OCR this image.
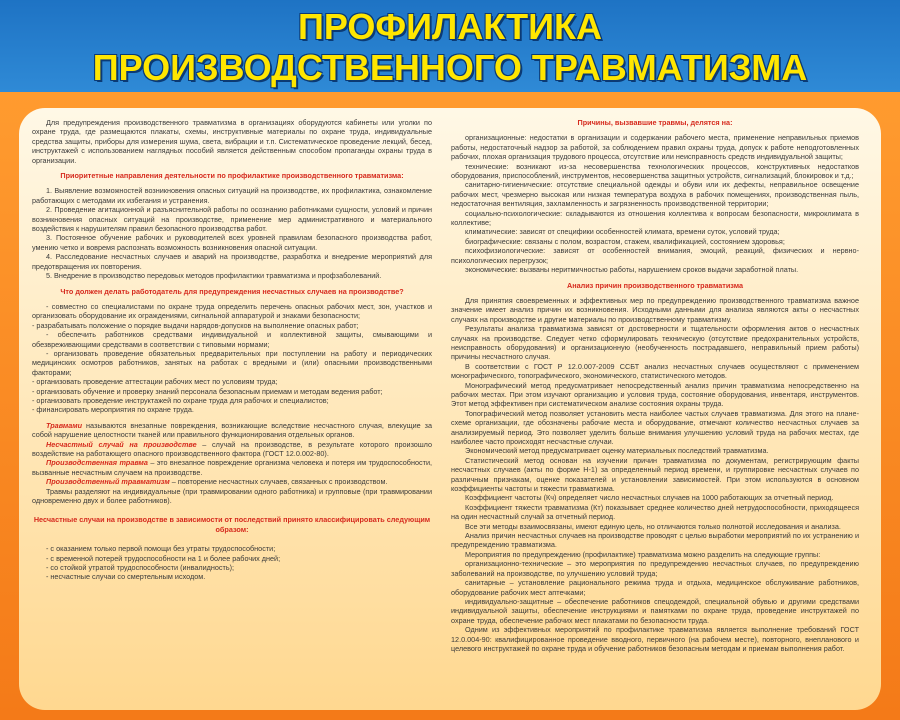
ПРОФИЛАКТИКА
ПРОИЗВОДСТВЕННОГО ТРАВМАТИЗМА

Для предупреждения производственного травматизма в организациях оборудуются кабинеты или уголки по охране труда, где размещаются плакаты, схемы, инструктивные материалы по охране труда, индивидуальные средства защиты, приборы для измерения шума, света, вибрации и т.п. Систематическое проведение лекций, бесед, инструктажей с использованием наглядных пособий является действенным способом пропаганды охраны труда в организации.

Приоритетные направления деятельности по профилактике производственного травматизма:

1. Выявление возможностей возникновения опасных ситуаций на производстве, их профилактика, ознакомление работающих с методами их избегания и устранения.

2. Проведение агитационной и разъяснительной работы по осознанию работниками сущности, условий и причин возникновения опасных ситуаций на производстве, применение мер административного и материального воздействия к нарушителям правил безопасного производства работ.

3. Постоянное обучение рабочих и руководителей всех уровней правилам безопасного производства работ, умению четко и вовремя распознать возможность возникновения опасной ситуации.

4. Расследование несчастных случаев и аварий на производстве, разработка и внедрение мероприятий для предотвращения их повторения.

5. Внедрение в производство передовых методов профилактики травматизма и профзаболеваний.

Что должен делать работодатель для предупреждения несчастных случаев на производстве?

- совместно со специалистами по охране труда определить перечень опасных рабочих мест, зон, участков и организовать оборудование их ограждениями, сигнальной аппаратурой и знаками безопасности;

- разрабатывать положение о порядке выдачи нарядов-допусков на выполнение опасных работ;

- обеспечить работников средствами индивидуальной и коллективной защиты, смывающими и обезвреживающими средствами в соответствии с типовыми нормами;

- организовать проведение обязательных предварительных при поступлении на работу и периодических медицинских осмотров работников, занятых на работах с вредными и (или) опасными производственными факторами;

- организовать проведение аттестации рабочих мест по условиям труда;

- организовать обучение и проверку знаний персонала безопасным приемам и методам ведения работ;

- организовать проведение инструктажей по охране труда для рабочих и специалистов;

- финансировать мероприятия по охране труда.

Травмами называются внезапные повреждения, возникающие вследствие несчастного случая, влекущие за собой нарушение целостности тканей или правильного функционирования отдельных органов.

Несчастный случай на производстве – случай на производстве, в результате которого произошло воздействие на работающего опасного производственного фактора (ГОСТ 12.0.002-80).

Производственная травма – это внезапное повреждение организма человека и потеря им трудоспособности, вызванные несчастным случаем на производстве.

Производственный травматизм – повторение несчастных случаев, связанных с производством.

Травмы разделяют на индивидуальные (при травмировании одного работника) и групповые (при травмировании одновременно двух и более работников).

Несчастные случаи на производстве в зависимости от последствий принято классифицировать следующим образом:

- с оказанием только первой помощи без утраты трудоспособности;

- с временной потерей трудоспособности на 1 и более рабочих дней;

- со стойкой утратой трудоспособности (инвалидность);

- несчастные случаи со смертельным исходом.

Причины, вызвавшие травмы, делятся на:

организационные: недостатки в организации и содержании рабочего места, применение неправильных приемов работы, недостаточный надзор за работой, за соблюдением правил охраны труда, допуск к работе неподготовленных рабочих, плохая организация трудового процесса, отсутствие или неисправность средств индивидуальной защиты;

технические: возникают из-за несовершенства технологических процессов, конструктивных недостатков оборудования, приспособлений, инструментов, несовершенства защитных устройств, сигнализаций, блокировок и т.д.;

санитарно-гигиенические: отсутствие специальной одежды и обуви или их дефекты, неправильное освещение рабочих мест, чрезмерно высокая или низкая температура воздуха в рабочих помещениях, производственная пыль, недостаточная вентиляция, захламленность и загрязненность производственной территории;

социально-психологические: складываются из отношения коллектива к вопросам безопасности, микроклимата в коллективе;

климатические: зависят от специфики особенностей климата, времени суток, условий труда;

биографические: связаны с полом, возрастом, стажем, квалификацией, состоянием здоровья;

психофизиологические: зависят от особенностей внимания, эмоций, реакций, физических и нервно-психологических перегрузок;

экономические: вызваны неритмичностью работы, нарушением сроков выдачи заработной платы.

Анализ причин производственного травматизма

Для принятия своевременных и эффективных мер по предупреждению производственного травматизма важное значение имеет анализ причин их возникновения. Исходными данными для анализа являются акты о несчастных случаях на производстве и другие материалы по производственному травматизму.

Результаты анализа травматизма зависят от достоверности и тщательности оформления актов о несчастных случаях на производстве. Следует четко сформулировать техническую (отсутствие предохранительных устройств, неисправность оборудования) и организационную (необученность пострадавшего, неправильный прием работы) причины несчастного случая.

В соответствии с ГОСТ Р 12.0.007-2009 ССБТ анализ несчастных случаев осуществляют с применением монографического, топографического, экономического, статистического методов.

Монографический метод предусматривает непосредственный анализ причин травматизма непосредственно на рабочих местах. При этом изучают организацию и условия труда, состояние оборудования, инвентаря, инструментов. Этот метод эффективен при систематическом анализе состояния охраны труда.

Топографический метод позволяет установить места наиболее частых случаев травматизма. Для этого на плане-схеме организации, где обозначены рабочие места и оборудование, отмечают количество несчастных случаев за анализируемый период. Это позволяет уделить больше внимания улучшению условий труда на рабочих местах, где наиболее часто происходят несчастные случаи.

Экономический метод предусматривает оценку материальных последствий травматизма.

Статистический метод основан на изучении причин травматизма по документам, регистрирующим факты несчастных случаев (акты по форме Н-1) за определенный период времени, и группировке несчастных случаев по различным признакам, оценке показателей и установлении зависимостей. При этом используются в основном коэффициенты частоты и тяжести травматизма.

Коэффициент частоты (Кч) определяет число несчастных случаев на 1000 работающих за отчетный период.

Коэффициент тяжести травматизма (Кт) показывает среднее количество дней нетрудоспособности, приходящееся на один несчастный случай за отчетный период.

Все эти методы взаимосвязаны, имеют единую цель, но отличаются только полнотой исследования и анализа.

Анализ причин несчастных случаев на производстве проводят с целью выработки мероприятий по их устранению и предупреждению травматизма.

Мероприятия по предупреждению (профилактике) травматизма можно разделить на следующие группы:

организационно-технические – это мероприятия по предупреждению несчастных случаев, по предупреждению заболеваний на производстве, по улучшению условий труда;

санитарные – установление рационального режима труда и отдыха, медицинское обслуживание работников, оборудование рабочих мест аптечками;

индивидуально-защитные – обеспечение работников спецодеждой, специальной обувью и другими средствами индивидуальной защиты, обеспечение инструкциями и памятками по охране труда, проведение инструктажей по охране труда, обеспечение рабочих мест плакатами по безопасности труда.

Одним из эффективных мероприятий по профилактике травматизма является выполнение требований ГОСТ 12.0.004-90: квалифицированное проведение вводного, первичного (на рабочем месте), повторного, внепланового и целевого инструктажей по охране труда и обучение работников безопасным методам и приемам выполнения работ.
